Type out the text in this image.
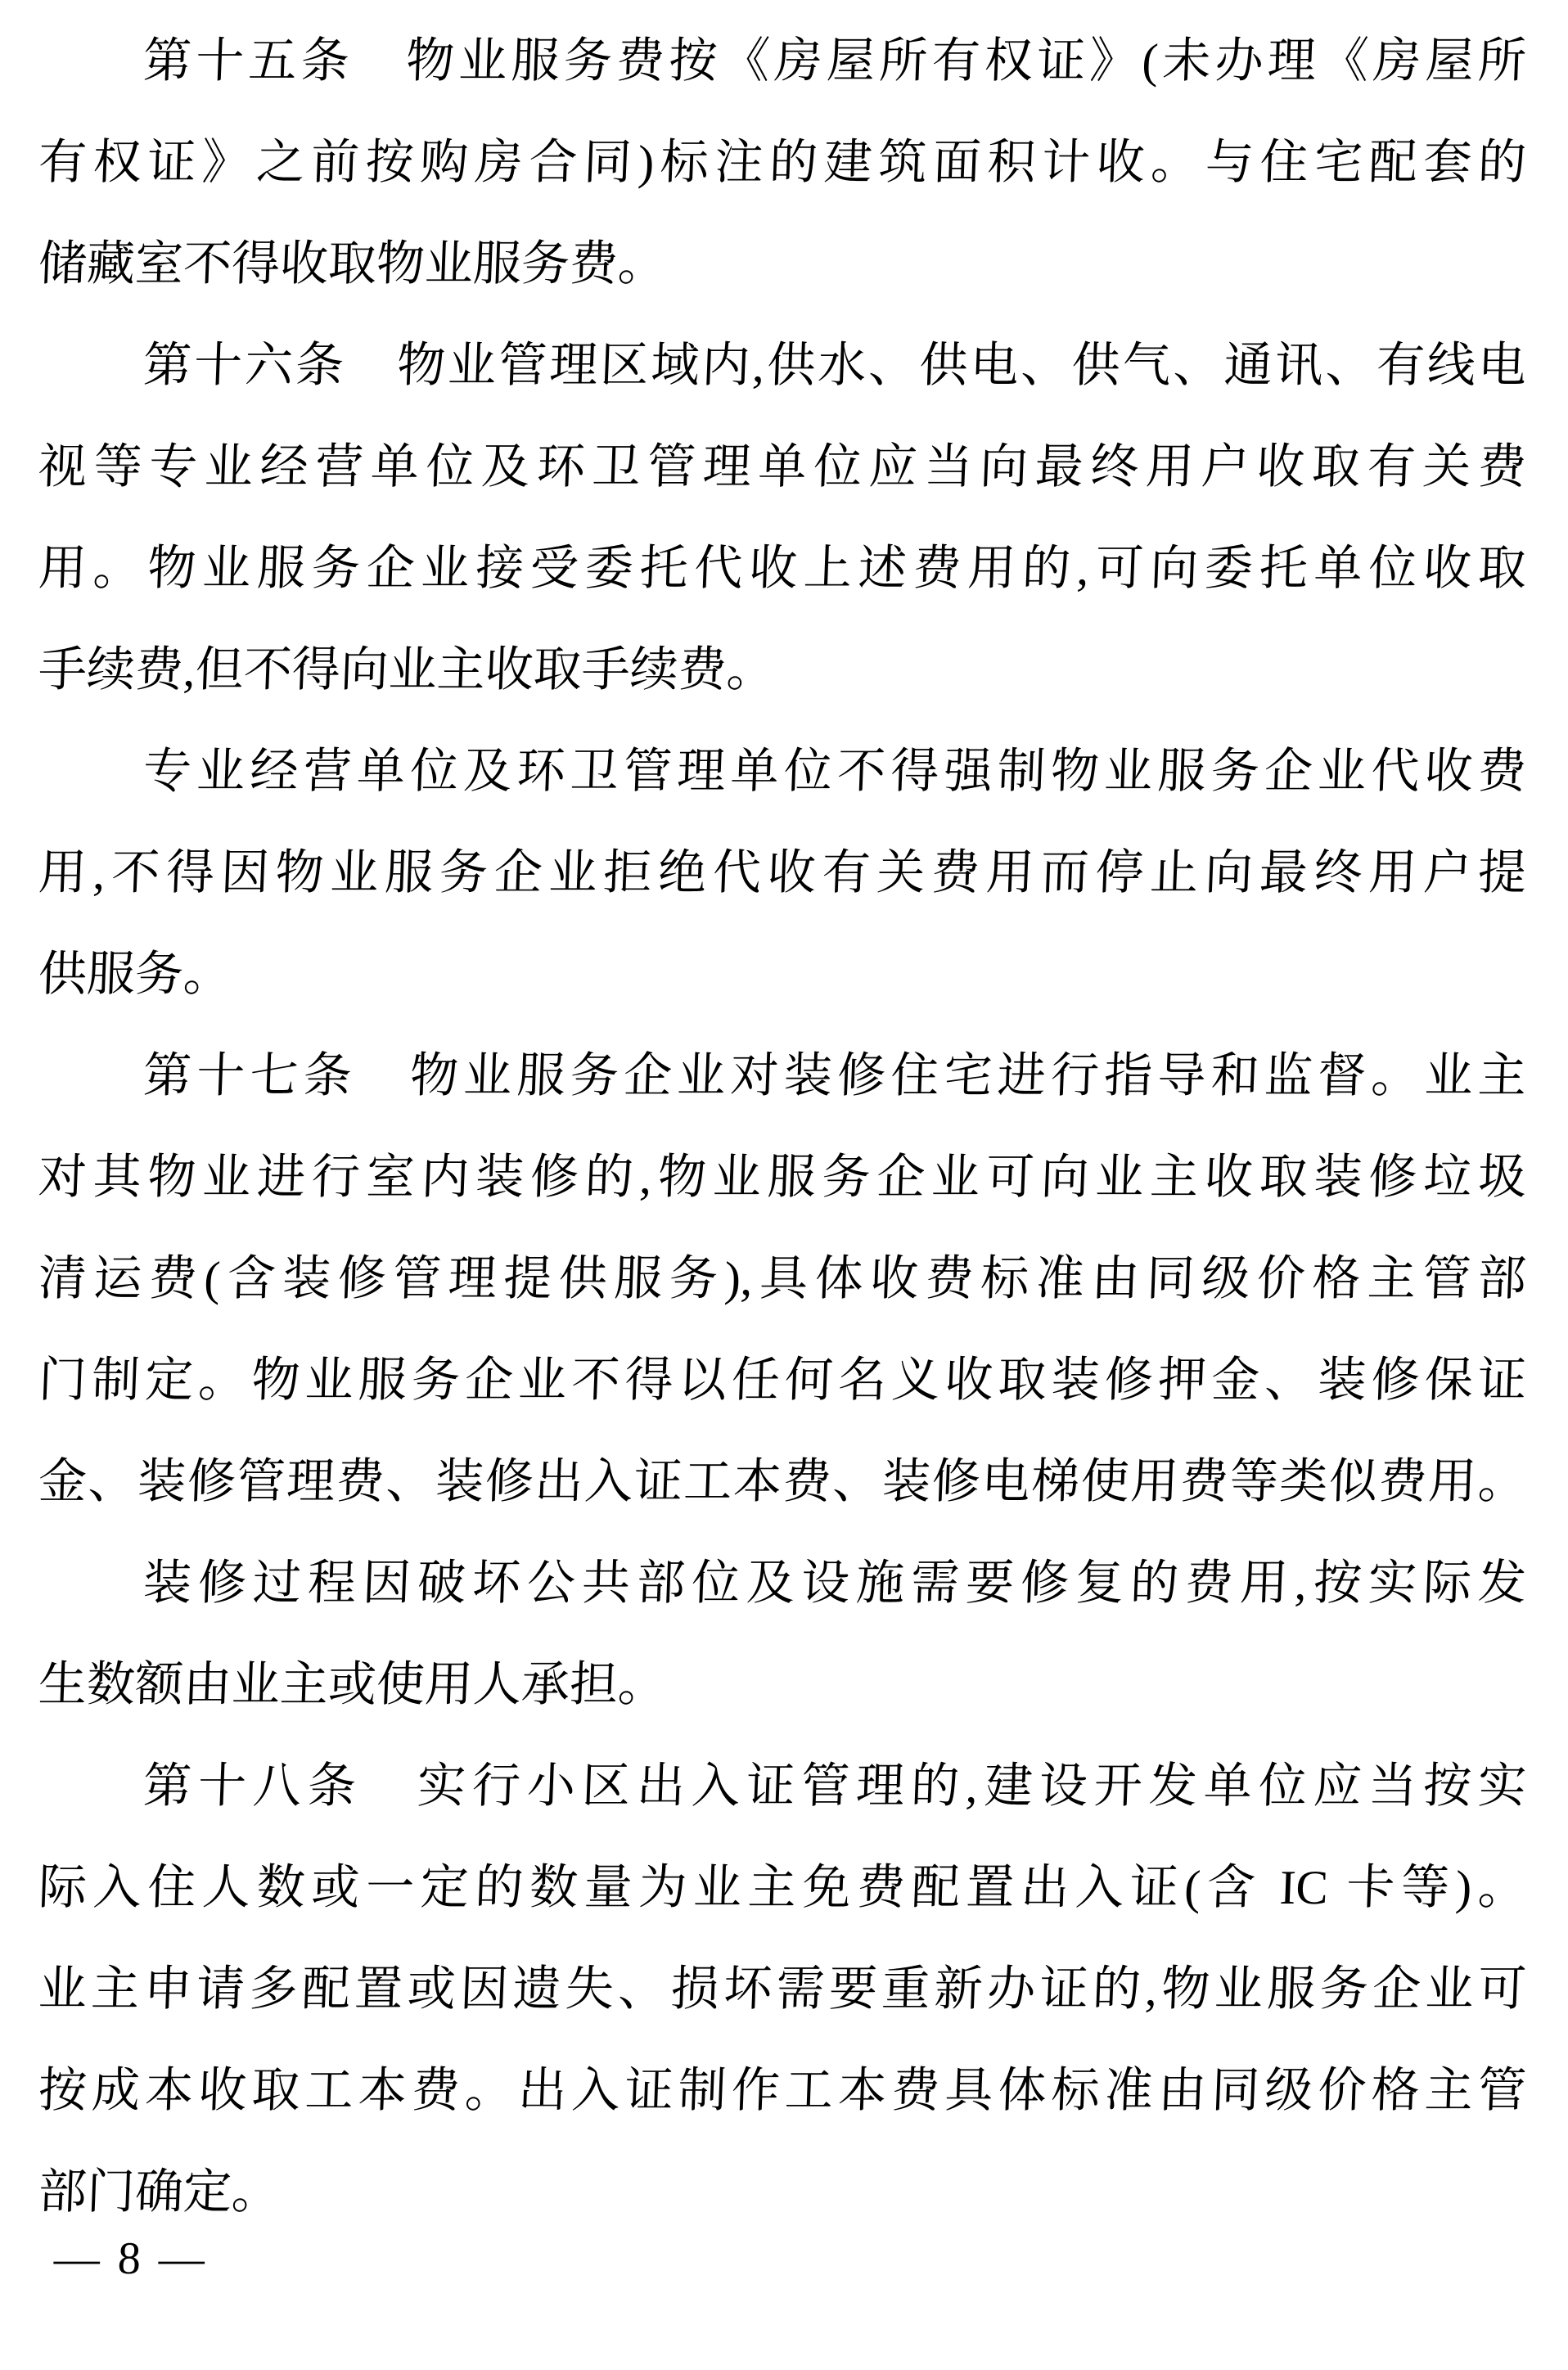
第十五条　物业服务费按《房屋所有权证》(未办理《房屋所
有权证》之前按购房合同)标注的建筑面积计收。与住宅配套的
储藏室不得收取物业服务费。
第十六条　物业管理区域内,供水、供电、供气、通讯、有线电
视等专业经营单位及环卫管理单位应当向最终用户收取有关费
用。物业服务企业接受委托代收上述费用的,可向委托单位收取
手续费,但不得向业主收取手续费。
专业经营单位及环卫管理单位不得强制物业服务企业代收费
用,不得因物业服务企业拒绝代收有关费用而停止向最终用户提
供服务。
第十七条　物业服务企业对装修住宅进行指导和监督。业主
对其物业进行室内装修的,物业服务企业可向业主收取装修垃圾
清运费(含装修管理提供服务),具体收费标准由同级价格主管部
门制定。物业服务企业不得以任何名义收取装修押金、装修保证
金、装修管理费、装修出入证工本费、装修电梯使用费等类似费用。
装修过程因破坏公共部位及设施需要修复的费用,按实际发
生数额由业主或使用人承担。
第十八条　实行小区出入证管理的,建设开发单位应当按实
际入住人数或一定的数量为业主免费配置出入证(含 IC 卡等)。
业主申请多配置或因遗失、损坏需要重新办证的,物业服务企业可
按成本收取工本费。出入证制作工本费具体标准由同级价格主管
部门确定。
— 8 —
